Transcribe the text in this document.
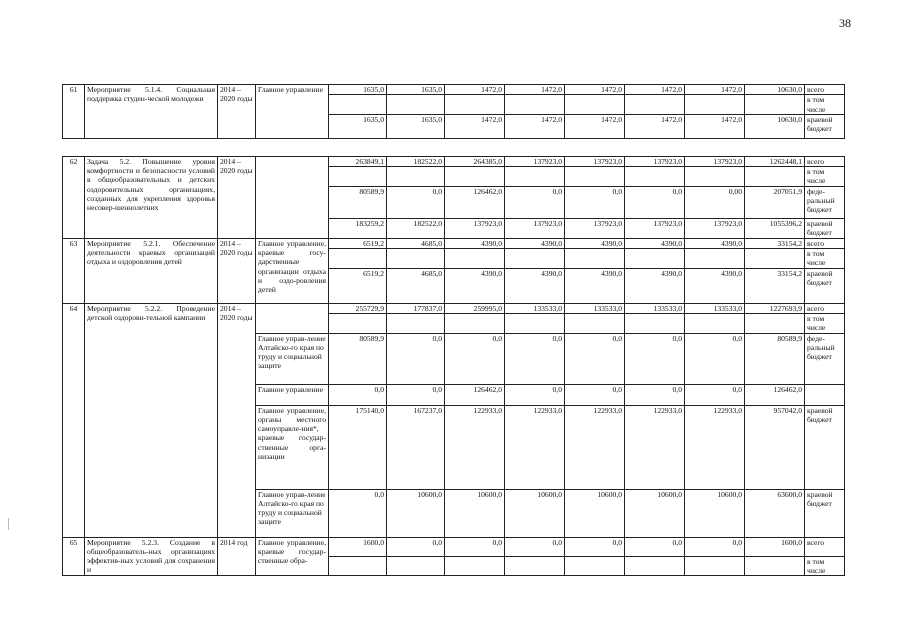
38
61	Мероприятие 5.1.4. Социальная поддержка студен-ческой молодежи	2014 – 2020 годы	Главное управление	1635,0	1635,0	1472,0	1472,0	1472,0	1472,0	1472,0	10630,0	всего
												в том числе
				1635,0	1635,0	1472,0	1472,0	1472,0	1472,0	1472,0	10630,0	краевой бюджет

62	Задача 5.2. Повышение уровня комфортности и безопасности условий в общеобразовательных и детских оздоровительных организациях, созданных для укрепления здоровья несовер-шеннолетних	2014 – 2020 годы		263849,1	182522,0	264385,0	137923,0	137923,0	137923,0	137923,0	1262448,1	всего
												в том числе
				80589,9	0,0	126462,0	0,0	0,0	0,0	0,00	207051,9	феде-ральный бюджет
				183259,2	182522,0	137923,0	137923,0	137923,0	137923,0	137923,0	1055396,2	краевой бюджет
63	Мероприятие 5.2.1. Обеспечение деятельности краевых организаций отдыха и оздоровления детей	2014 – 2020 годы	Главное управление, краевые госу-дарственные организации отдыха и оздо-ровления детей	6519,2	4685,0	4390,0	4390,0	4390,0	4390,0	4390,0	33154,2	всего
												в том числе
				6519,2	4685,0	4390,0	4390,0	4390,0	4390,0	4390,0	33154,2	краевой бюджет
64	Мероприятие 5.2.2. Проведение детской оздорови-тельной кампании	2014 – 2020 годы		255729,9	177837,0	259995,0	133533,0	133533,0	133533,0	133533,0	1227693,9	всего
												в том числе
			Главное управ-ление Алтайско-го края по труду и социальной защите	80589,9	0,0	0,0	0,0	0,0	0,0	0,0	80589,9	феде-ральный бюджет
			Главное управление	0,0	0,0	126462,0	0,0	0,0	0,0	0,0	126462,0	
			Главное управление, органы местного самоуправле-ния*, краевые государ-ственные орга-низации	175140,0	167237,0	122933,0	122933,0	122933,0	122933,0	122933,0	957042,0	краевой бюджет
			Главное управ-ление Алтайско-го края по труду и социальной защите	0,0	10600,0	10600,0	10600,0	10600,0	10600,0	10600,0	63600,0	краевой бюджет
65	Мероприятие 5.2.3. Создание в общеобразователь-ных организациях эффектив-ных условий для сохранения и	2014 год	Главное управление, краевые государ-ственные обра-	1600,0	0,0	0,0	0,0	0,0	0,0	0,0	1600,0	всего
												в том числе
